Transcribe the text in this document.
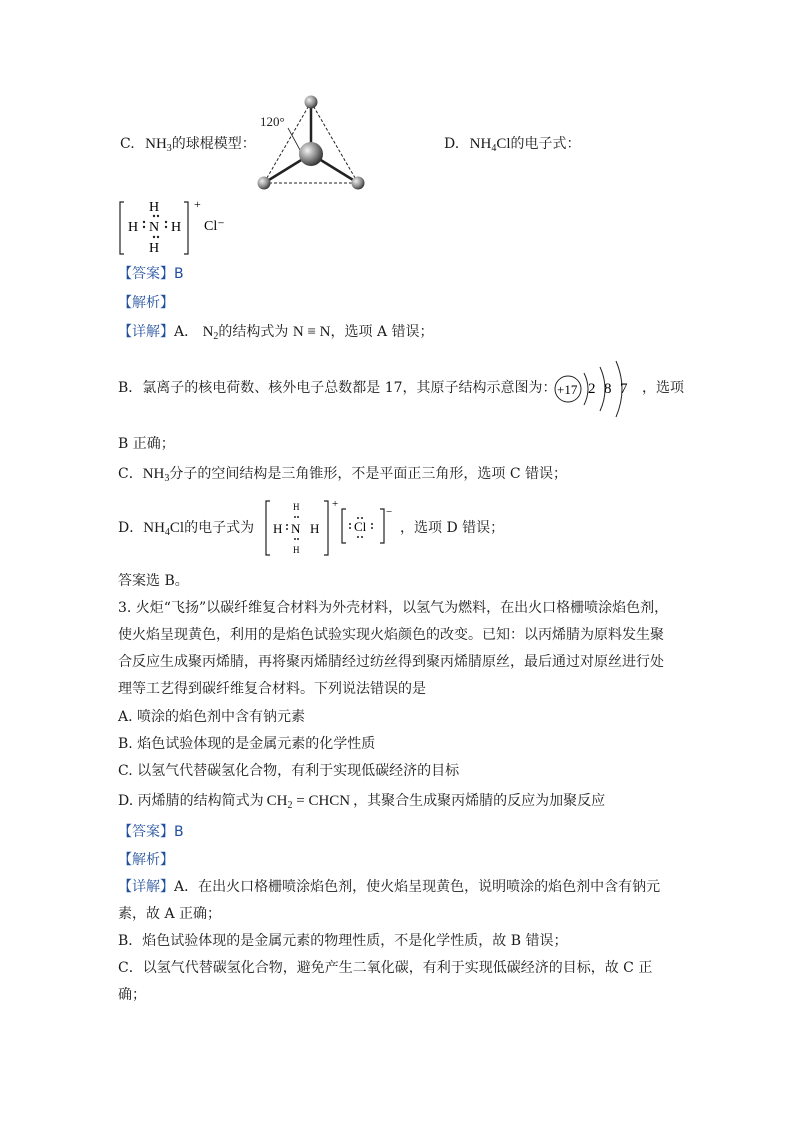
C. $NH_3$的球棍模型：
120°
D. $NH_4Cl$的电子式：
H
H N H
H
+
Cl⁻
【答案】B
【解析】
【详解】A． $N_2$的结构式为 N ≡ N，选项 A 错误；
B．氯离子的核电荷数、核外电子总数都是 17，其原子结构示意图为： +17 2 8 7 ，选项
B 正确；
C．$NH_3$分子的空间结构是三角锥形，不是平面正三角形，选项 C 错误；
D．$NH_4Cl$的电子式为 H N H
H
H
+
Cl
−
，选项 D 错误；
答案选 B。
3. 火炬“飞扬”以碳纤维复合材料为外壳材料，以氢气为燃料，在出火口格栅喷涂焰色剂，
使火焰呈现黄色，利用的是焰色试验实现火焰颜色的改变。已知：以丙烯腈为原料发生聚
合反应生成聚丙烯腈，再将聚丙烯腈经过纺丝得到聚丙烯腈原丝，最后通过对原丝进行处
理等工艺得到碳纤维复合材料。下列说法错误的是
A. 喷涂的焰色剂中含有钠元素
B. 焰色试验体现的是金属元素的化学性质
C. 以氢气代替碳氢化合物，有利于实现低碳经济的目标
D. 丙烯腈的结构简式为 $CH_2$ = CHCN ，其聚合生成聚丙烯腈的反应为加聚反应
【答案】B
【解析】
【详解】A．在出火口格栅喷涂焰色剂，使火焰呈现黄色，说明喷涂的焰色剂中含有钠元
素，故 A 正确；
B．焰色试验体现的是金属元素的物理性质，不是化学性质，故 B 错误；
C．以氢气代替碳氢化合物，避免产生二氧化碳，有利于实现低碳经济的目标，故 C 正
确；
